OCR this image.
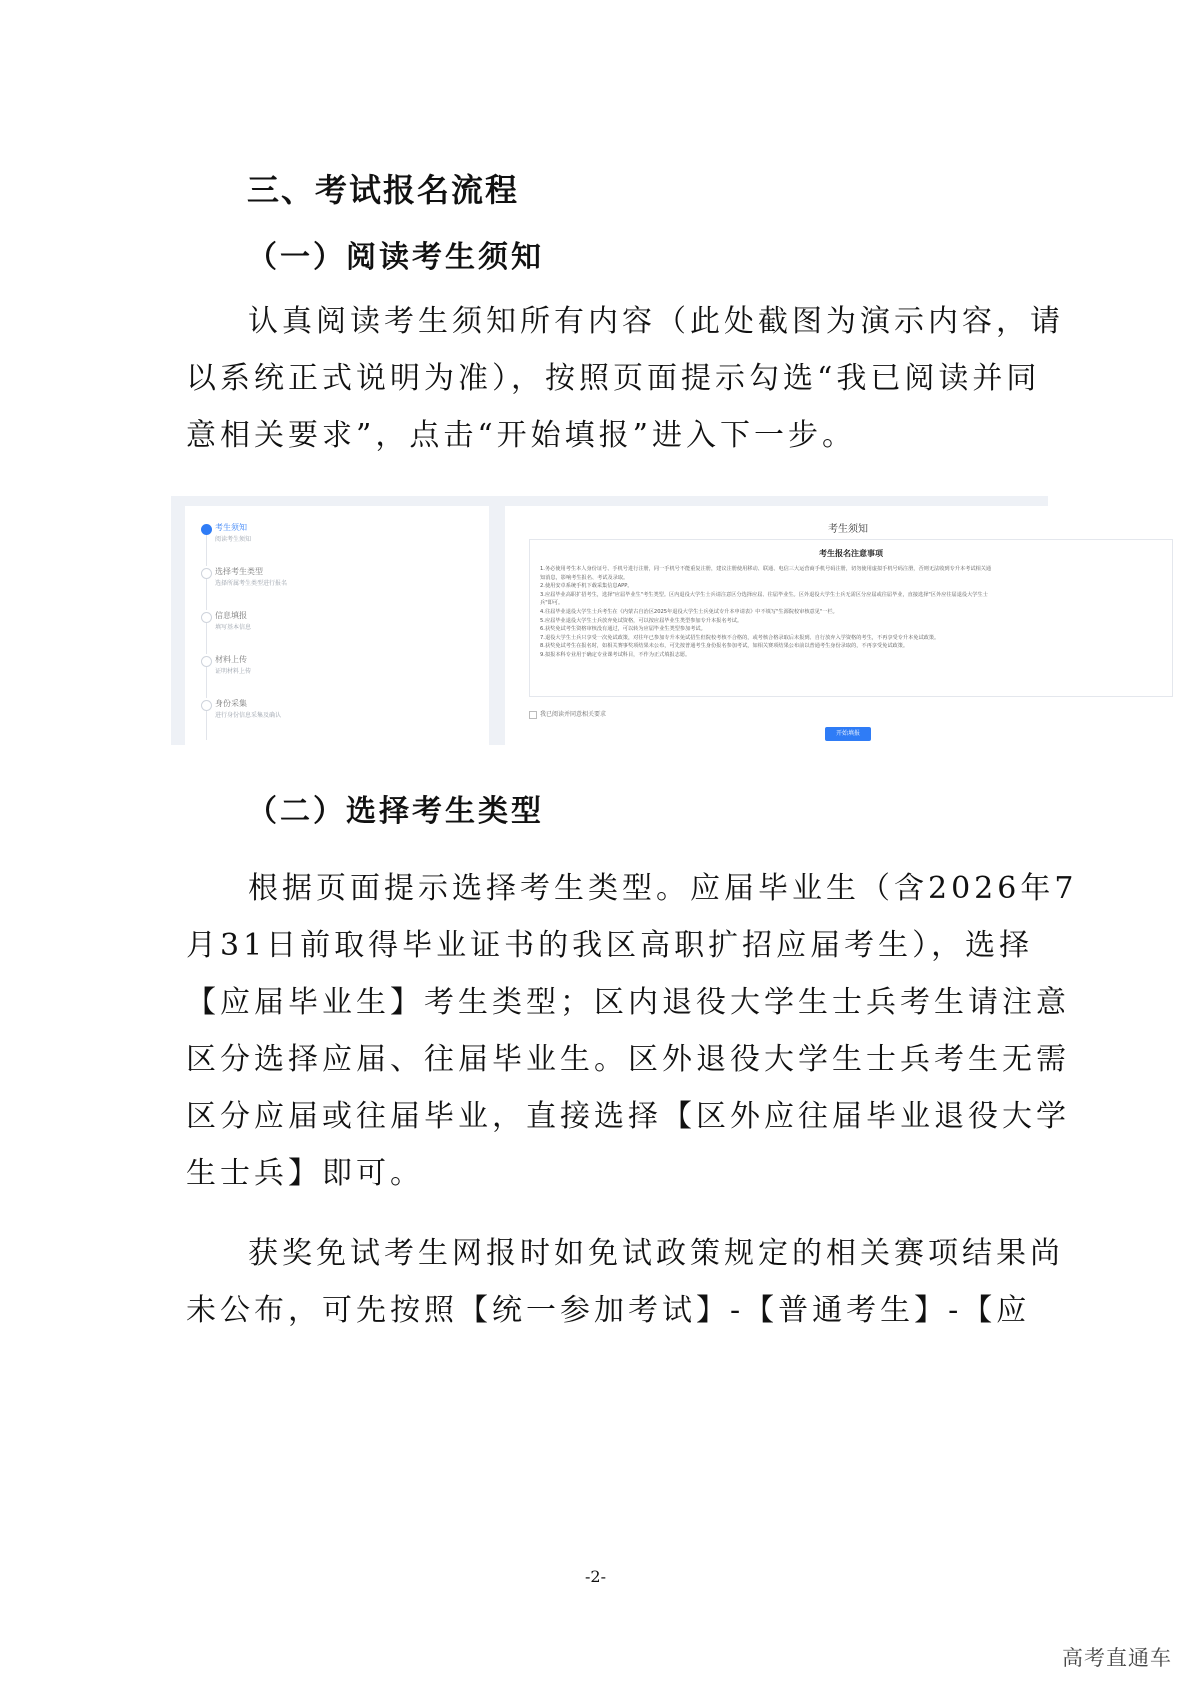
三、考试报名流程
（一）阅读考生须知
认真阅读考生须知所有内容（此处截图为演示内容，请
以系统正式说明为准），按照页面提示勾选“我已阅读并同
意相关要求”，点击“开始填报”进入下一步。
考生须知
阅读考生须知
选择考生类型
选择所属考生类型进行报名
信息填报
填写基本信息
材料上传
证明材料上传
身份采集
进行身份信息采集及确认
考生须知
考生报名注意事项
1.务必使用考生本人身份证号、手机号进行注册，同一手机号不能重复注册，建议注册使用移动、联通、电信三大运营商手机号码注册，切勿使用虚拟手机号码注册，否则无法收到专升本考试相关通
知消息，影响考生报名、考试及录取。
2.使用安卓系统手机下载采集信息APP。
3.应届毕业高职扩招考生，选择"应届毕业生"考生类型。区内退役大学生士兵请注意区分选择应届、往届毕业生。区外退役大学生士兵无需区分应届或往届毕业，直接选择"区外应往届退役大学生士
兵"即可。
4.往届毕业退役大学生士兵考生在《内蒙古自治区2025年退役大学生士兵免试专升本申请表》中不填写"生源院校审核意见"一栏。
5.应届毕业退役大学生士兵放弃免试资格，可以按应届毕业生类型参加专升本报名考试。
6.获奖免试考生资格审核没有通过，可以转为应届毕业生类型参加考试。
7.退役大学生士兵只享受一次免试政策，对往年已参加专升本免试招生但院校考核不合格的，或考核合格录取后未报到、自行放弃入学资格的考生，不再享受专升本免试政策。
8.获奖免试考生在报名时，如相关赛事奖项结果未公布，可先按普通考生身份报名参加考试，如相关赛项结果公布前以普通考生身份录取的，不再享受免试政策。
9.拟报本科专业用于确定专业课考试科目，不作为正式填报志愿。
我已阅读并同意相关要求
开始填报
（二）选择考生类型
根据页面提示选择考生类型。应届毕业生（含2026年7
月31日前取得毕业证书的我区高职扩招应届考生），选择
【应届毕业生】考生类型；区内退役大学生士兵考生请注意
区分选择应届、往届毕业生。区外退役大学生士兵考生无需
区分应届或往届毕业，直接选择【区外应往届毕业退役大学
生士兵】即可。
获奖免试考生网报时如免试政策规定的相关赛项结果尚
未公布，可先按照【统一参加考试】-【普通考生】-【应
-2-
高考直通车
